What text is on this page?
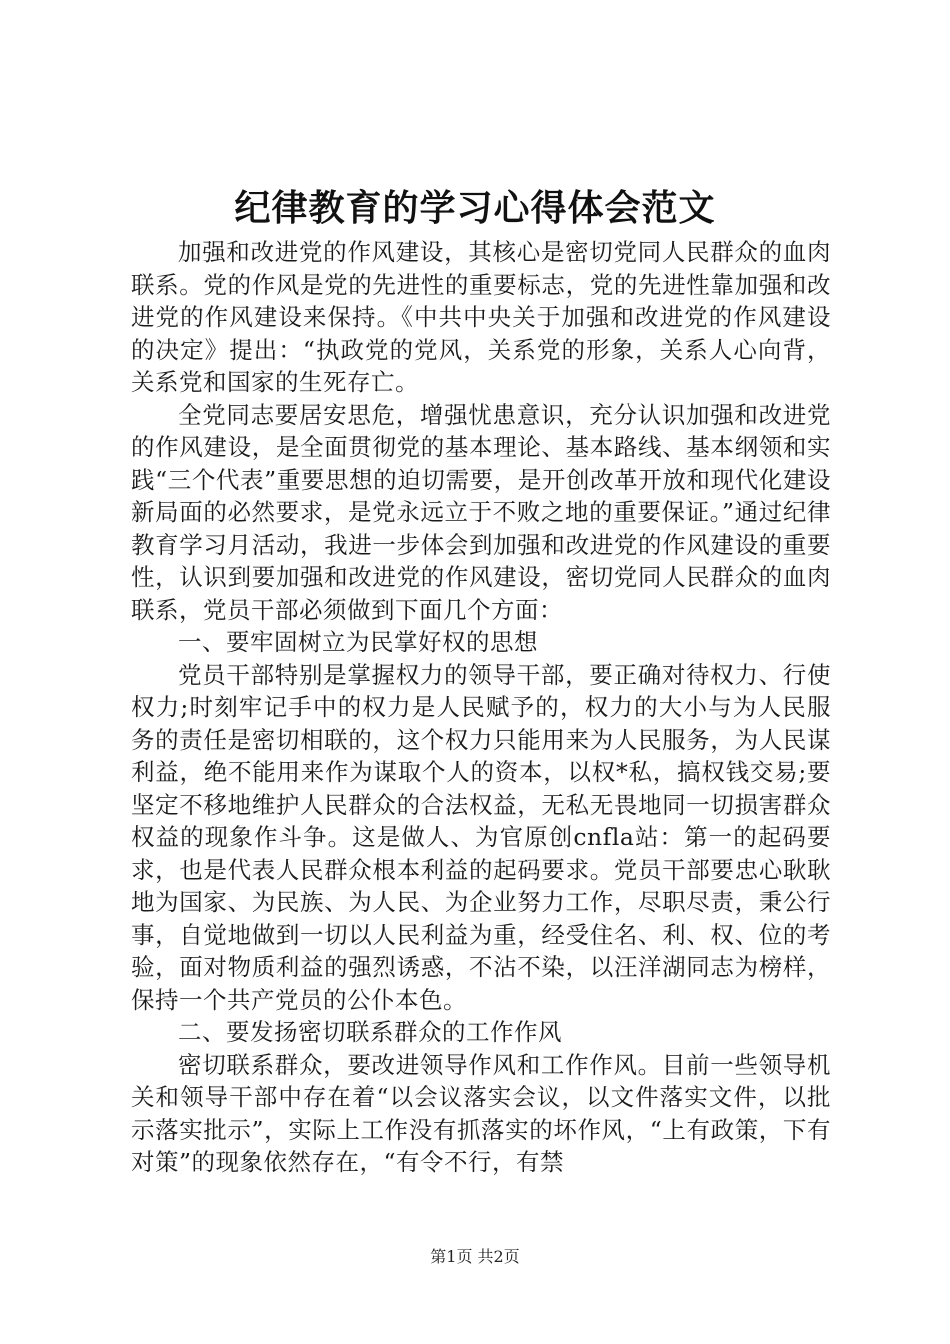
纪律教育的学习心得体会范文

加强和改进党的作风建设，其核心是密切党同人民群众的血肉联系。党的作风是党的先进性的重要标志，党的先进性靠加强和改进党的作风建设来保持。《中共中央关于加强和改进党的作风建设的决定》提出：“执政党的党风，关系党的形象，关系人心向背，关系党和国家的生死存亡。

全党同志要居安思危，增强忧患意识，充分认识加强和改进党的作风建设，是全面贯彻党的基本理论、基本路线、基本纲领和实践“三个代表”重要思想的迫切需要，是开创改革开放和现代化建设新局面的必然要求，是党永远立于不败之地的重要保证。”通过纪律教育学习月活动，我进一步体会到加强和改进党的作风建设的重要性，认识到要加强和改进党的作风建设，密切党同人民群众的血肉联系，党员干部必须做到下面几个方面：

一、要牢固树立为民掌好权的思想

党员干部特别是掌握权力的领导干部，要正确对待权力、行使权力;时刻牢记手中的权力是人民赋予的，权力的大小与为人民服务的责任是密切相联的，这个权力只能用来为人民服务，为人民谋利益，绝不能用来作为谋取个人的资本，以权*私，搞权钱交易;要坚定不移地维护人民群众的合法权益，无私无畏地同一切损害群众权益的现象作斗争。这是做人、为官原创cnfla站：第一的起码要求，也是代表人民群众根本利益的起码要求。党员干部要忠心耿耿地为国家、为民族、为人民、为企业努力工作，尽职尽责，秉公行事，自觉地做到一切以人民利益为重，经受住名、利、权、位的考验，面对物质利益的强烈诱惑，不沾不染，以汪洋湖同志为榜样，保持一个共产党员的公仆本色。

二、要发扬密切联系群众的工作作风

密切联系群众，要改进领导作风和工作作风。目前一些领导机关和领导干部中存在着“以会议落实会议，以文件落实文件，以批示落实批示”，实际上工作没有抓落实的坏作风，“上有政策，下有对策”的现象依然存在，“有令不行，有禁

第1页 共2页
